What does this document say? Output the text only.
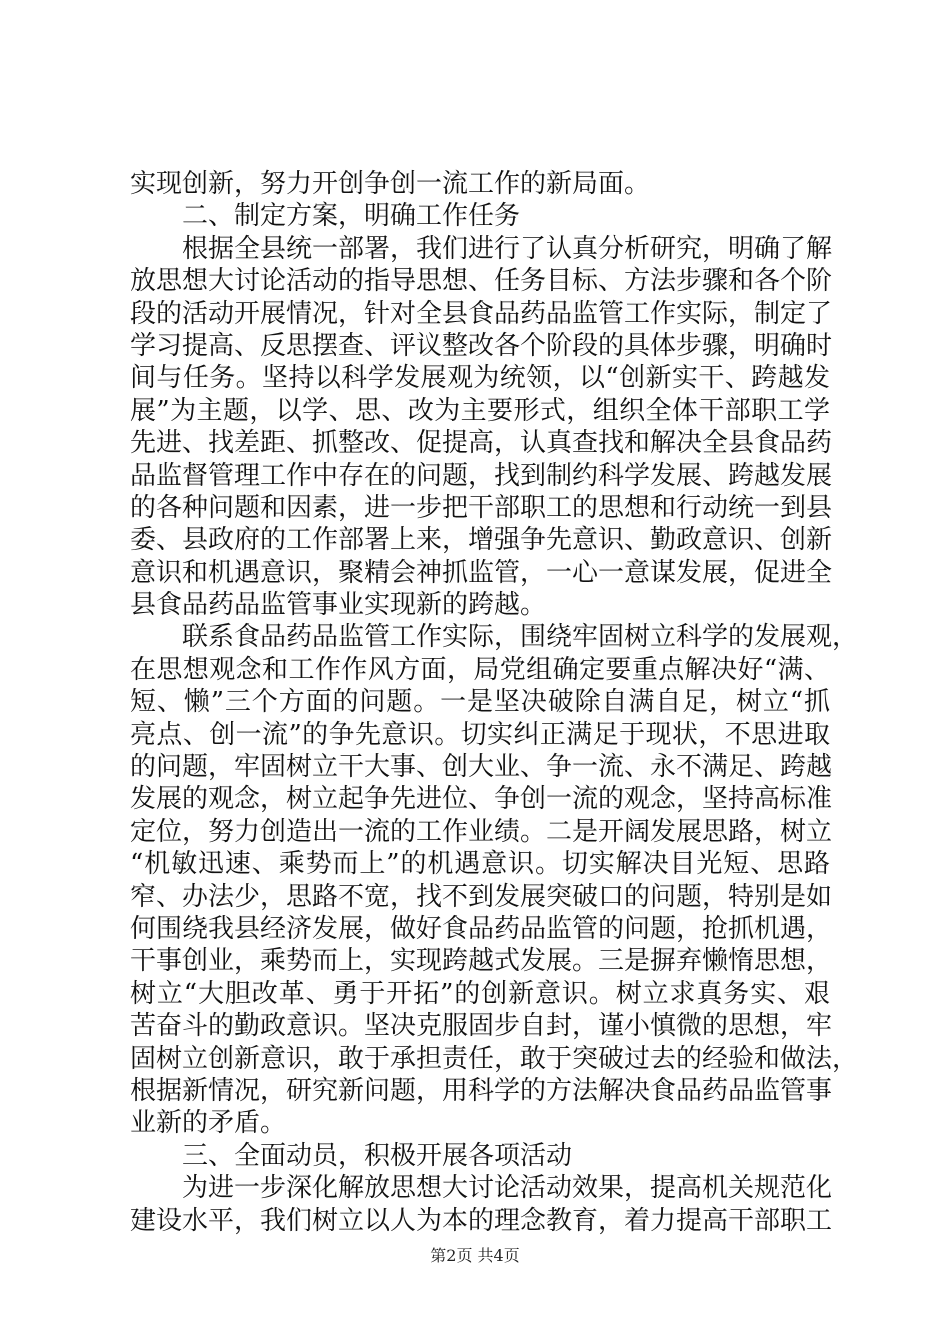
实现创新，努力开创争创一流工作的新局面。
二、制定方案，明确工作任务
根据全县统一部署，我们进行了认真分析研究，明确了解
放思想大讨论活动的指导思想、任务目标、方法步骤和各个阶
段的活动开展情况，针对全县食品药品监管工作实际，制定了
学习提高、反思摆查、评议整改各个阶段的具体步骤，明确时
间与任务。坚持以科学发展观为统领，以“创新实干、跨越发
展”为主题，以学、思、改为主要形式，组织全体干部职工学
先进、找差距、抓整改、促提高，认真查找和解决全县食品药
品监督管理工作中存在的问题，找到制约科学发展、跨越发展
的各种问题和因素，进一步把干部职工的思想和行动统一到县
委、县政府的工作部署上来，增强争先意识、勤政意识、创新
意识和机遇意识，聚精会神抓监管，一心一意谋发展，促进全
县食品药品监管事业实现新的跨越。
联系食品药品监管工作实际，围绕牢固树立科学的发展观，
在思想观念和工作作风方面，局党组确定要重点解决好“满、
短、懒”三个方面的问题。一是坚决破除自满自足，树立“抓
亮点、创一流”的争先意识。切实纠正满足于现状，不思进取
的问题，牢固树立干大事、创大业、争一流、永不满足、跨越
发展的观念，树立起争先进位、争创一流的观念，坚持高标准
定位，努力创造出一流的工作业绩。二是开阔发展思路，树立
“机敏迅速、乘势而上”的机遇意识。切实解决目光短、思路
窄、办法少，思路不宽，找不到发展突破口的问题，特别是如
何围绕我县经济发展，做好食品药品监管的问题，抢抓机遇，
干事创业，乘势而上，实现跨越式发展。三是摒弃懒惰思想，
树立“大胆改革、勇于开拓”的创新意识。树立求真务实、艰
苦奋斗的勤政意识。坚决克服固步自封，谨小慎微的思想，牢
固树立创新意识，敢于承担责任，敢于突破过去的经验和做法，
根据新情况，研究新问题，用科学的方法解决食品药品监管事
业新的矛盾。
三、全面动员，积极开展各项活动
为进一步深化解放思想大讨论活动效果，提高机关规范化
建设水平，我们树立以人为本的理念教育，着力提高干部职工
第2页 共4页
